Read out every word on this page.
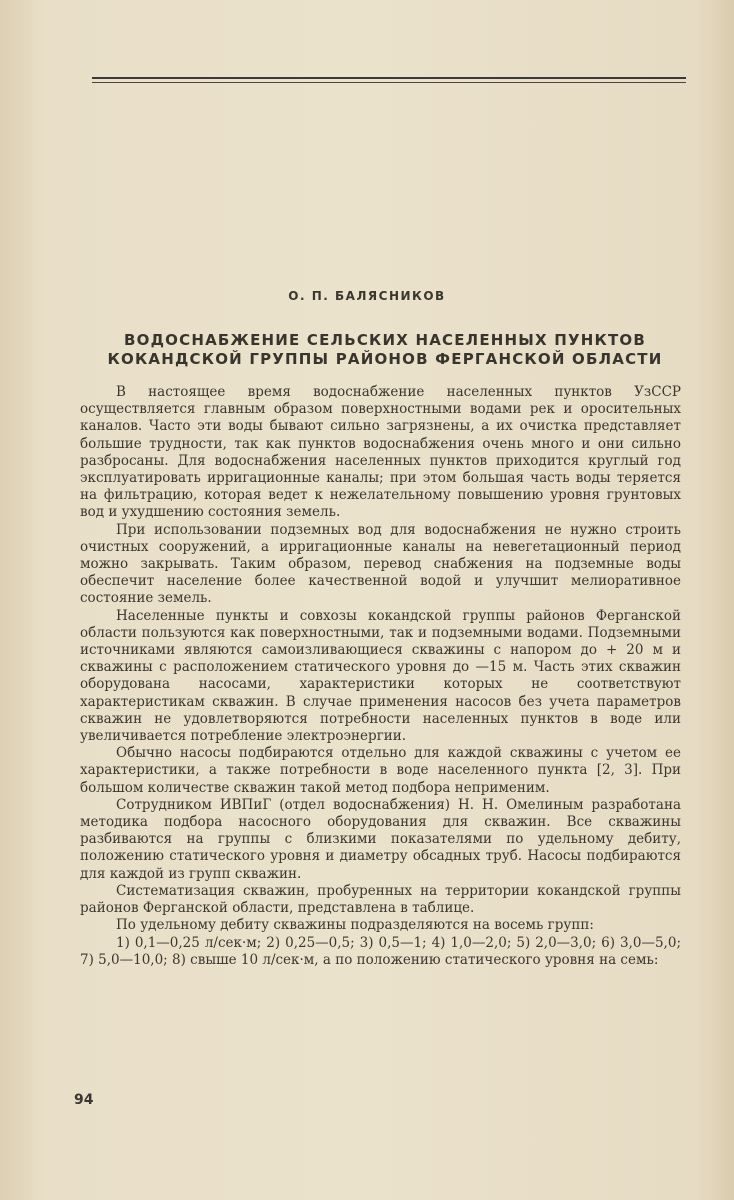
О. П. БАЛЯСНИКОВ
ВОДОСНАБЖЕНИЕ СЕЛЬСКИХ НАСЕЛЕННЫХ ПУНКТОВ
КОКАНДСКОЙ ГРУППЫ РАЙОНОВ ФЕРГАНСКОЙ ОБЛАСТИ

В настоящее время водоснабжение населенных пунктов УзССР осуществляется главным образом поверхностными водами рек и оросительных каналов. Часто эти воды бывают сильно загрязнены, а их очистка представляет большие трудности, так как пунктов водоснабжения очень много и они сильно разбросаны. Для водоснабжения населенных пунктов приходится круглый год эксплуатировать ирригационные каналы; при этом большая часть воды теряется на фильтрацию, которая ведет к нежелательному повышению уровня грунтовых вод и ухудшению состояния земель.

При использовании подземных вод для водоснабжения не нужно строить очистных сооружений, а ирригационные каналы на невегетационный период можно закрывать. Таким образом, перевод снабжения на подземные воды обеспечит население более качественной водой и улучшит мелиоративное состояние земель.

Населенные пункты и совхозы кокандской группы районов Ферганской области пользуются как поверхностными, так и подземными водами. Подземными источниками являются самоизливающиеся скважины с напором до + 20 м и скважины с расположением статического уровня до —15 м. Часть этих скважин оборудована насосами, характеристики которых не соответствуют характеристикам скважин. В случае применения насосов без учета параметров скважин не удовлетворяются потребности населенных пунктов в воде или увеличивается потребление электроэнергии.

Обычно насосы подбираются отдельно для каждой скважины с учетом ее характеристики, а также потребности в воде населенного пункта [2, 3]. При большом количестве скважин такой метод подбора неприменим.

Сотрудником ИВПиГ (отдел водоснабжения) Н. Н. Омелиным разработана методика подбора насосного оборудования для скважин. Все скважины разбиваются на группы с близкими показателями по удельному дебиту, положению статического уровня и диаметру обсадных труб. Насосы подбираются для каждой из групп скважин.

Систематизация скважин, пробуренных на территории кокандской группы районов Ферганской области, представлена в таблице.

По удельному дебиту скважины подразделяются на восемь групп:

1) 0,1—0,25 л/сек·м; 2) 0,25—0,5; 3) 0,5—1; 4) 1,0—2,0; 5) 2,0—3,0; 6) 3,0—5,0; 7) 5,0—10,0; 8) свыше 10 л/сек·м, а по положению статического уровня на семь:

94
